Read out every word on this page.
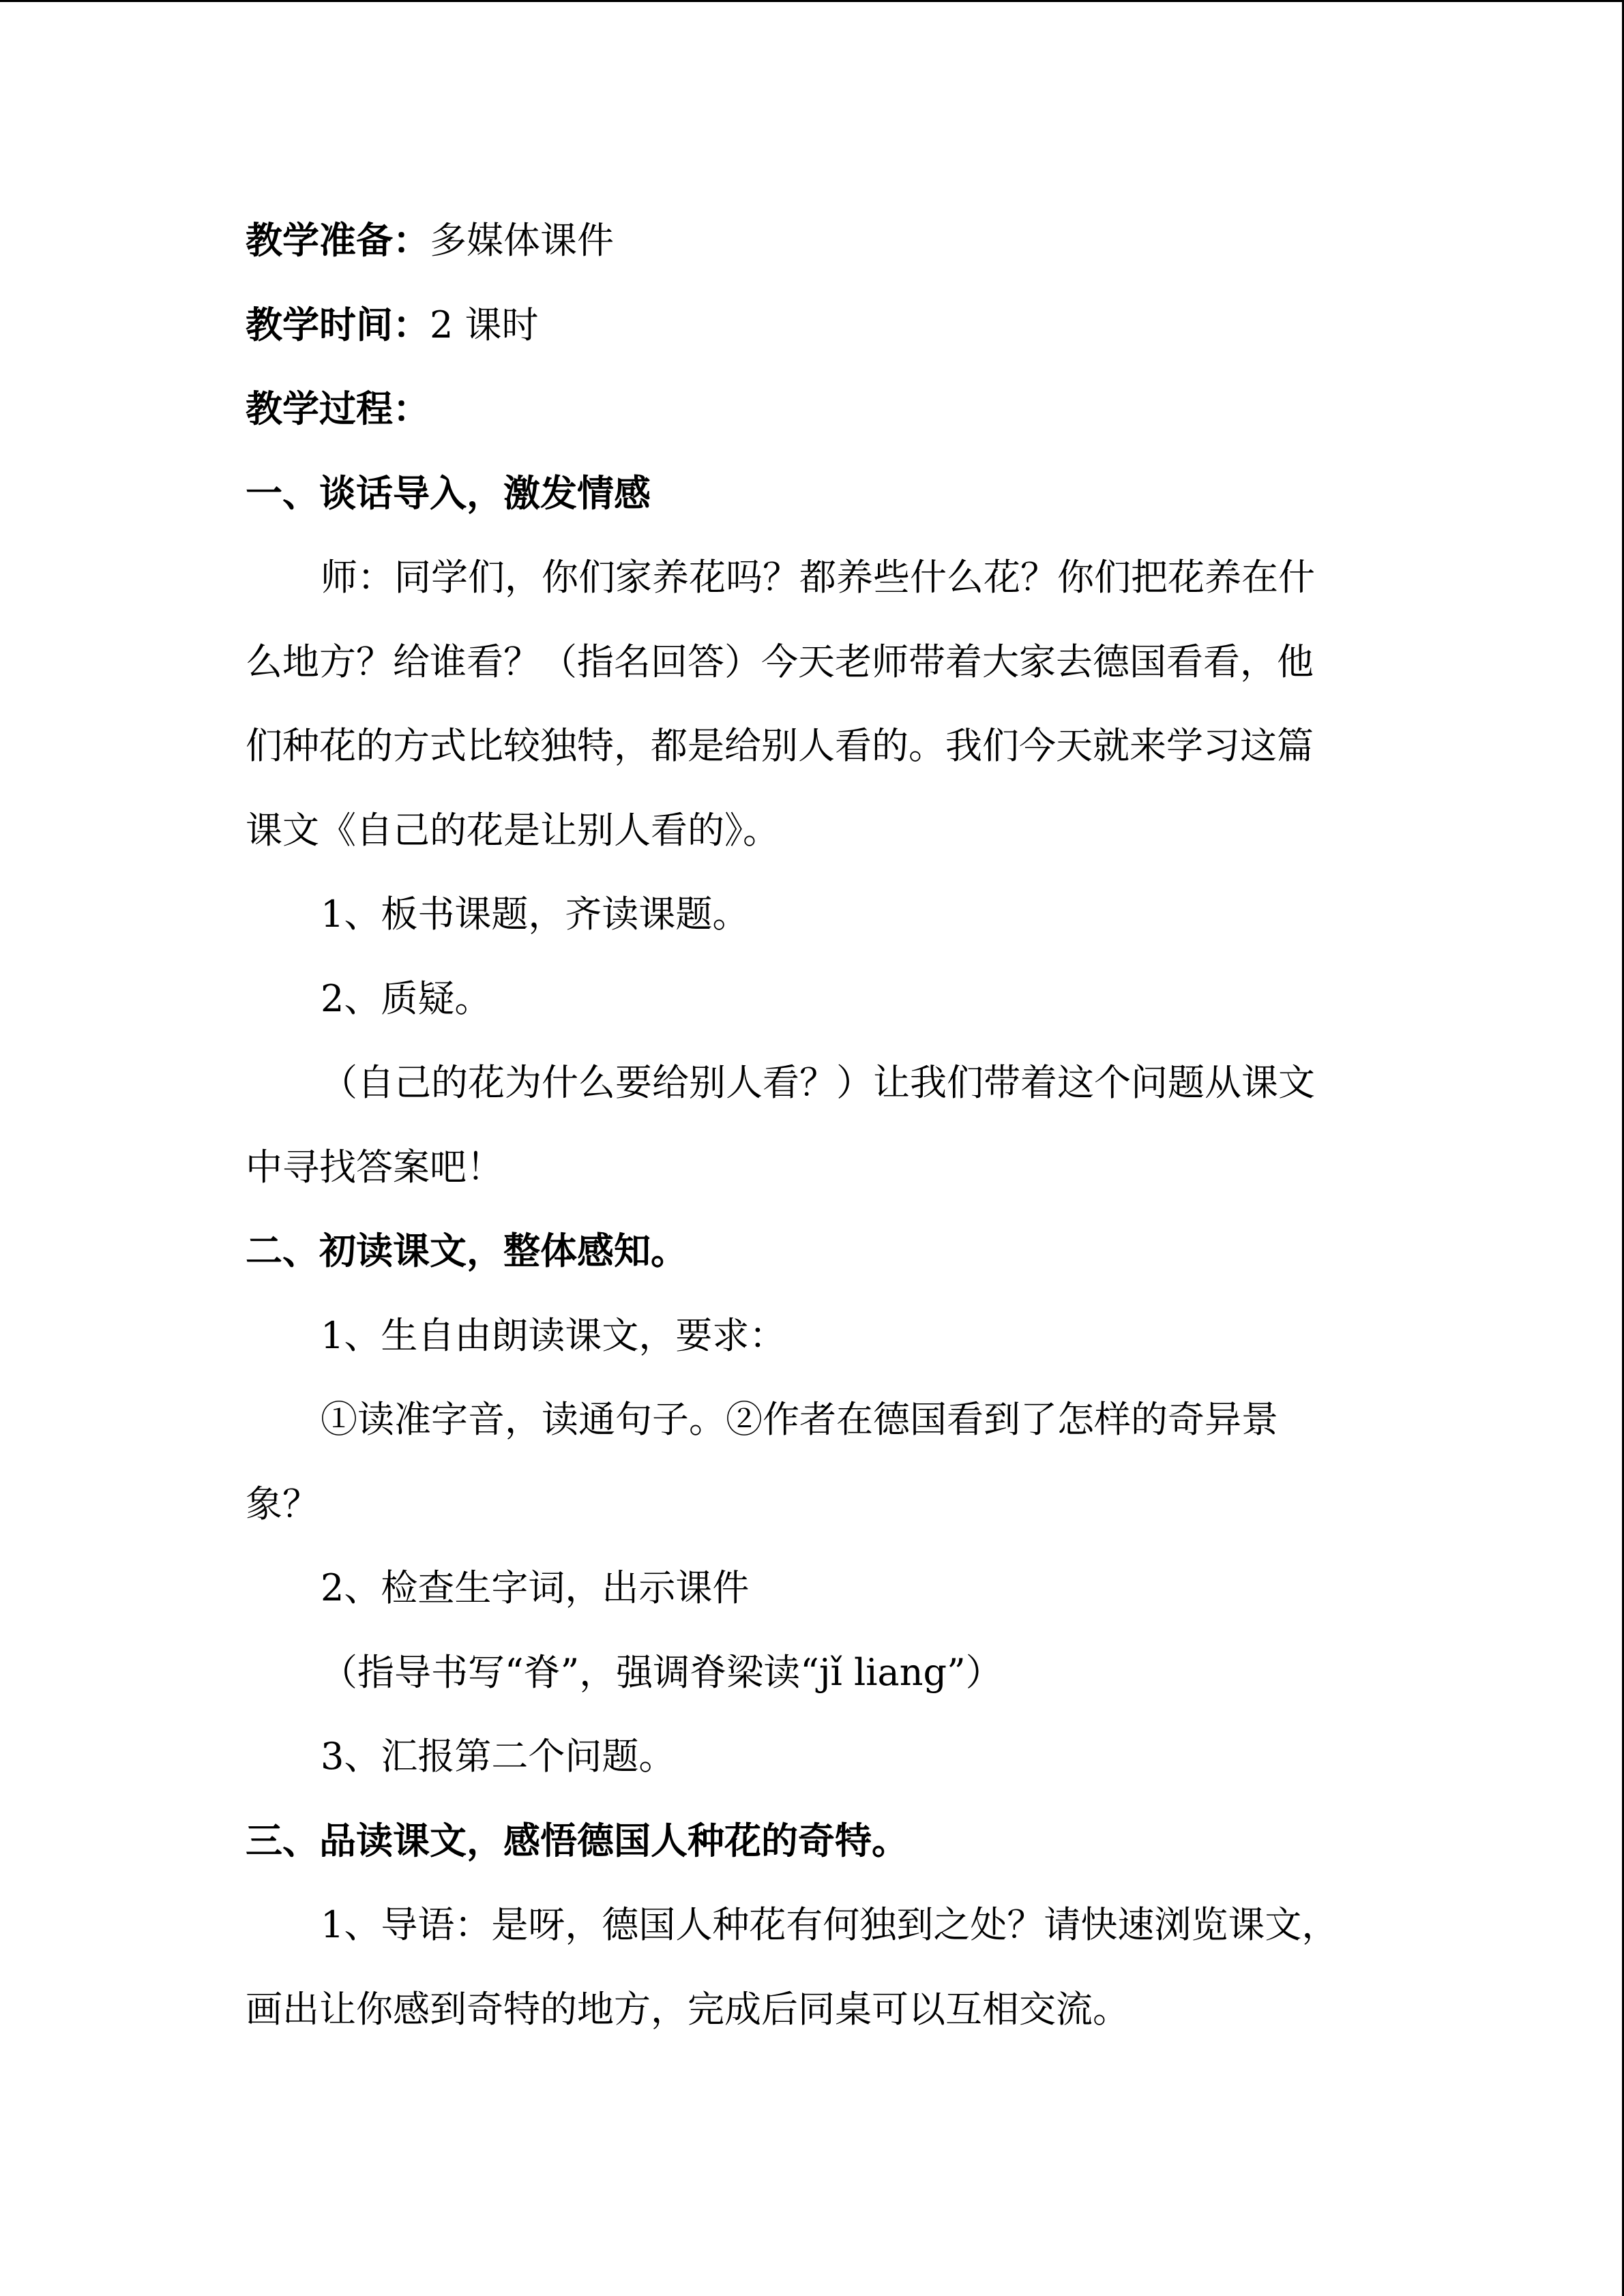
教学准备：多媒体课件
教学时间：2 课时
教学过程：
一、谈话导入，激发情感
师：同学们，你们家养花吗？都养些什么花？你们把花养在什
么地方？给谁看？（指名回答）今天老师带着大家去德国看看，他
们种花的方式比较独特，都是给别人看的。我们今天就来学习这篇
课文《自己的花是让别人看的》。
1、板书课题，齐读课题。
2、质疑。
（自己的花为什么要给别人看？）让我们带着这个问题从课文
中寻找答案吧！
二、初读课文，整体感知。
1、生自由朗读课文，要求：
①读准字音，读通句子。②作者在德国看到了怎样的奇异景
象？
2、检查生字词，出示课件
（指导书写“脊”，强调脊梁读“jǐ liang”）
3、汇报第二个问题。
三、品读课文，感悟德国人种花的奇特。
1、导语：是呀，德国人种花有何独到之处？请快速浏览课文，
画出让你感到奇特的地方，完成后同桌可以互相交流。
